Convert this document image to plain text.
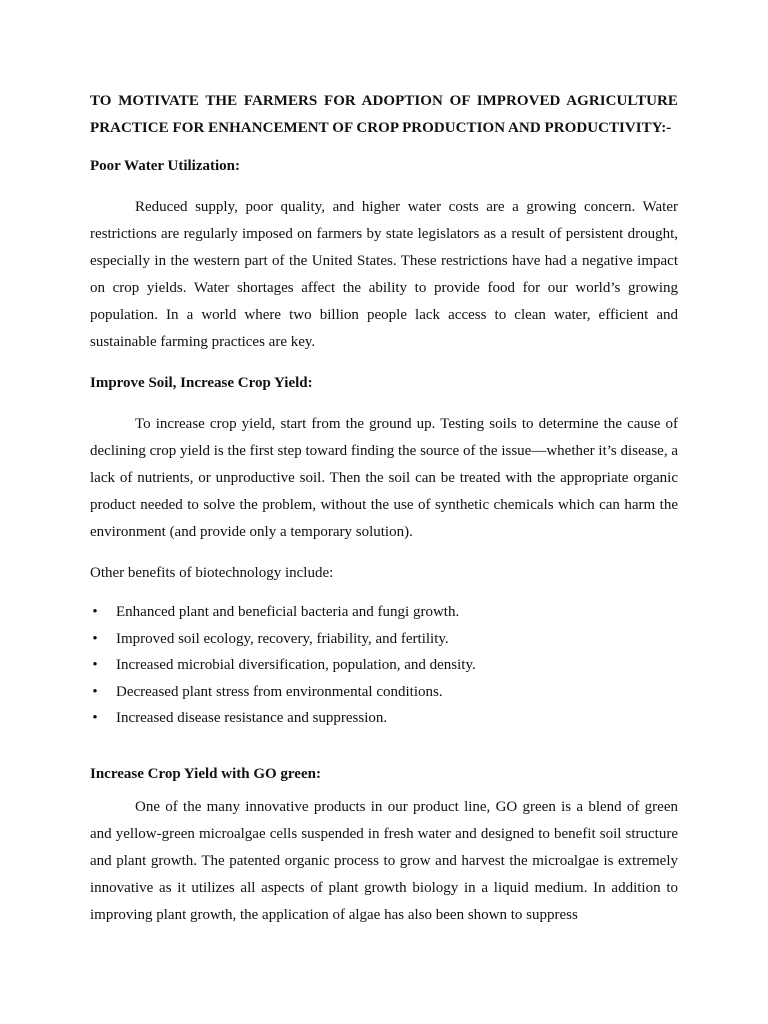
TO MOTIVATE THE FARMERS FOR ADOPTION OF IMPROVED AGRICULTURE PRACTICE FOR ENHANCEMENT OF CROP PRODUCTION AND PRODUCTIVITY:-

Poor Water Utilization:

Reduced supply, poor quality, and higher water costs are a growing concern. Water restrictions are regularly imposed on farmers by state legislators as a result of persistent drought, especially in the western part of the United States. These restrictions have had a negative impact on crop yields. Water shortages affect the ability to provide food for our world’s growing population. In a world where two billion people lack access to clean water, efficient and sustainable farming practices are key.

Improve Soil, Increase Crop Yield:

To increase crop yield, start from the ground up. Testing soils to determine the cause of declining crop yield is the first step toward finding the source of the issue—whether it’s disease, a lack of nutrients, or unproductive soil. Then the soil can be treated with the appropriate organic product needed to solve the problem, without the use of synthetic chemicals which can harm the environment (and provide only a temporary solution).

Other benefits of biotechnology include:

• Enhanced plant and beneficial bacteria and fungi growth.
• Improved soil ecology, recovery, friability, and fertility.
• Increased microbial diversification, population, and density.
• Decreased plant stress from environmental conditions.
• Increased disease resistance and suppression.
Increase Crop Yield with GO green:

One of the many innovative products in our product line, GO green is a blend of green and yellow-green microalgae cells suspended in fresh water and designed to benefit soil structure and plant growth. The patented organic process to grow and harvest the microalgae is extremely innovative as it utilizes all aspects of plant growth biology in a liquid medium. In addition to improving plant growth, the application of algae has also been shown to suppress
